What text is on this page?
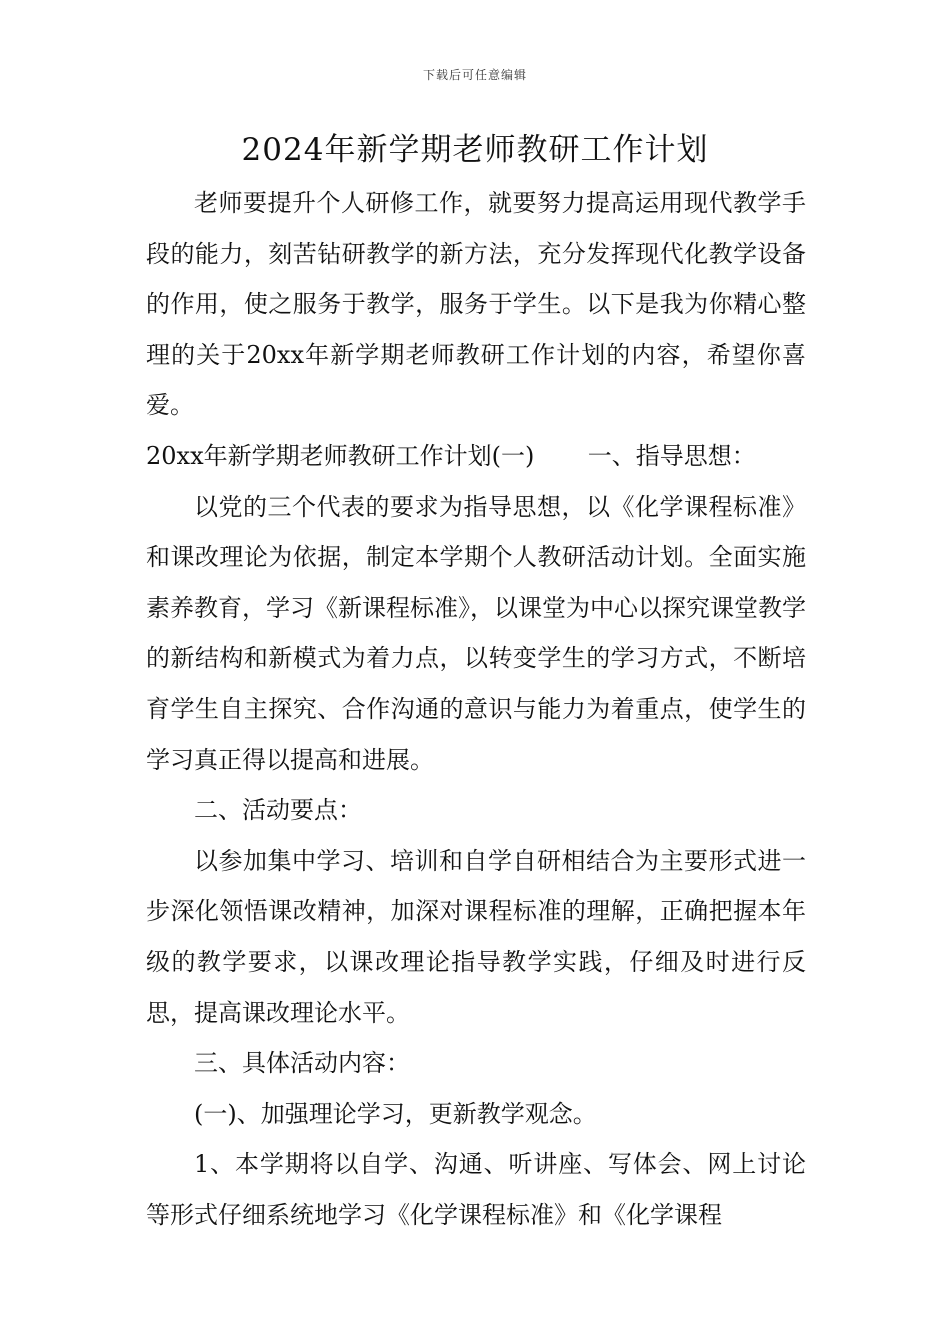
下载后可任意编辑
2024年新学期老师教研工作计划

老师要提升个人研修工作，就要努力提高运用现代教学手段的能力，刻苦钻研教学的新方法，充分发挥现代化教学设备的作用，使之服务于教学，服务于学生。以下是我为你精心整理的关于20xx年新学期老师教研工作计划的内容，希望你喜爱。

20xx年新学期老师教研工作计划(一)       一、指导思想：

以党的三个代表的要求为指导思想，以《化学课程标准》和课改理论为依据，制定本学期个人教研活动计划。全面实施素养教育，学习《新课程标准》，以课堂为中心以探究课堂教学的新结构和新模式为着力点，以转变学生的学习方式，不断培育学生自主探究、合作沟通的意识与能力为着重点，使学生的学习真正得以提高和进展。

二、活动要点：

以参加集中学习、培训和自学自研相结合为主要形式进一步深化领悟课改精神，加深对课程标准的理解，正确把握本年级的教学要求，以课改理论指导教学实践，仔细及时进行反思，提高课改理论水平。

三、具体活动内容：

(一)、加强理论学习，更新教学观念。

1、本学期将以自学、沟通、听讲座、写体会、网上讨论等形式仔细系统地学习《化学课程标准》和《化学课程
